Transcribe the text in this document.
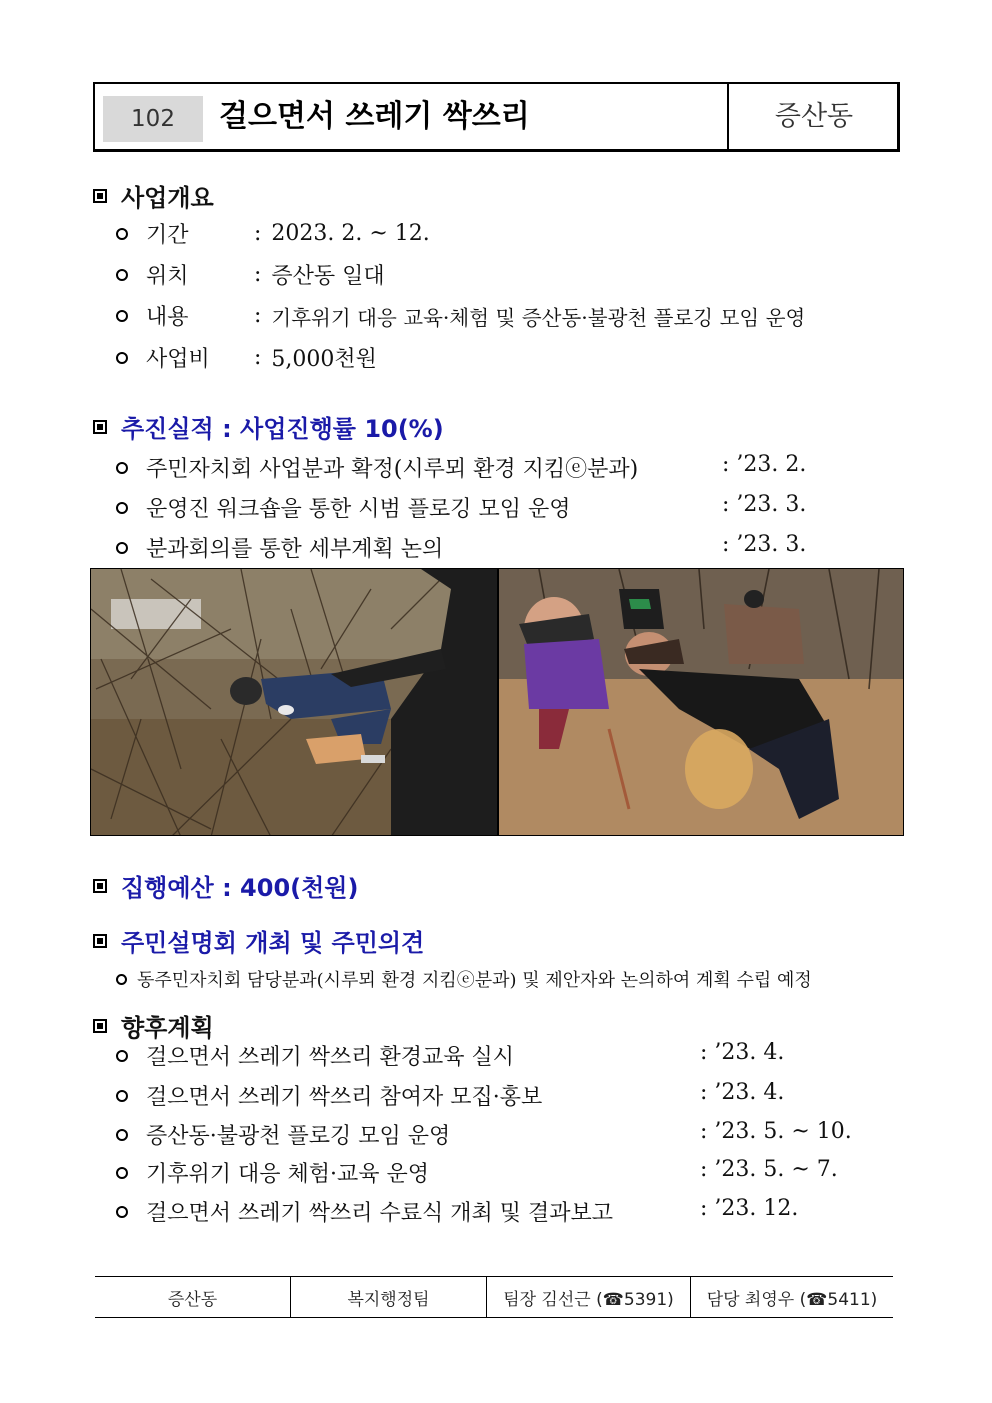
102	걸으면서 쓰레기 싹쓰리	증산동
사업개요
기간	: 2023. 2. ~ 12.
위치	: 증산동 일대
내용	: 기후위기 대응 교육·체험 및 증산동·불광천 플로깅 모임 운영
사업비	: 5,000천원
추진실적 : 사업진행률 10(%)
주민자치회 사업분과 확정(시루뫼 환경 지킴ⓔ분과)	: ’23. 2.
운영진 워크숍을 통한 시범 플로깅 모임 운영	: ’23. 3.
분과회의를 통한 세부계획 논의	: ’23. 3.
집행예산 : 400(천원)
주민설명회 개최 및 주민의견
동주민자치회 담당분과(시루뫼 환경 지킴ⓔ분과) 및 제안자와 논의하여 계획 수립 예정
향후계획
걸으면서 쓰레기 싹쓰리 환경교육 실시	: ’23. 4.
걸으면서 쓰레기 싹쓰리 참여자 모집·홍보	: ’23. 4.
증산동·불광천 플로깅 모임 운영	: ’23. 5. ~ 10.
기후위기 대응 체험·교육 운영	: ’23. 5. ~ 7.
걸으면서 쓰레기 싹쓰리 수료식 개최 및 결과보고	: ’23. 12.
증산동	복지행정팀	팀장 김선근 (☎5391)	담당 최영우 (☎5411)
